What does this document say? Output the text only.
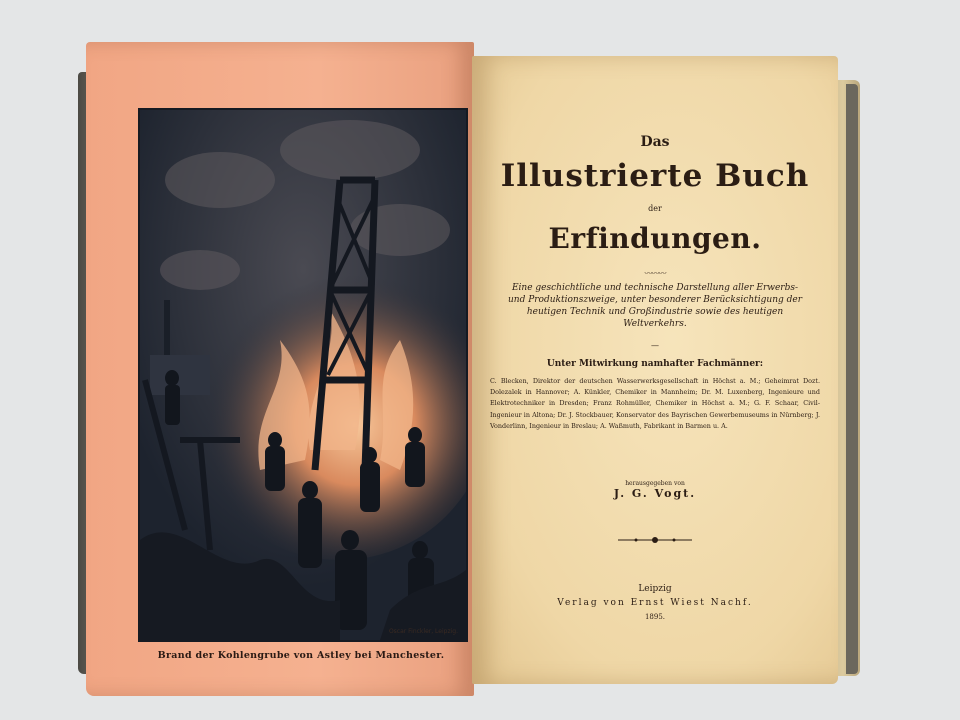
Oscar Finckler, Leipzig.
Brand der Kohlengrube von Astley bei Manchester.
Das
Illustrierte Buch
der
Erfindungen.
〰〰〰
Eine geschichtliche und technische Darstellung aller Erwerbs- und Produktionszweige, unter besonderer Berücksichtigung der heutigen Technik und Großindustrie sowie des heutigen Weltverkehrs.
—
Unter Mitwirkung namhafter Fachmänner:
C. Blecken, Direktor der deutschen Wasserwerksgesellschaft in Höchst a. M.; Geheimrat Dozt. Dolezalek in Hannover; A. Künkler, Chemiker in Mannheim; Dr. M. Luxenberg, Ingenieure und Elektrotechniker in Dresden; Franz Rohmüller, Chemiker in Höchst a. M.; G. F. Schaar, Civil-Ingenieur in Altona; Dr. J. Stockbauer, Konservator des Bayrischen Gewerbemuseums in Nürnberg; J. Vonderlinn, Ingenieur in Breslau; A. Waßmuth, Fabrikant in Barmen u. A.
herausgegeben von
J. G. Vogt.
Leipzig
Verlag von Ernst Wiest Nachf.
1895.
